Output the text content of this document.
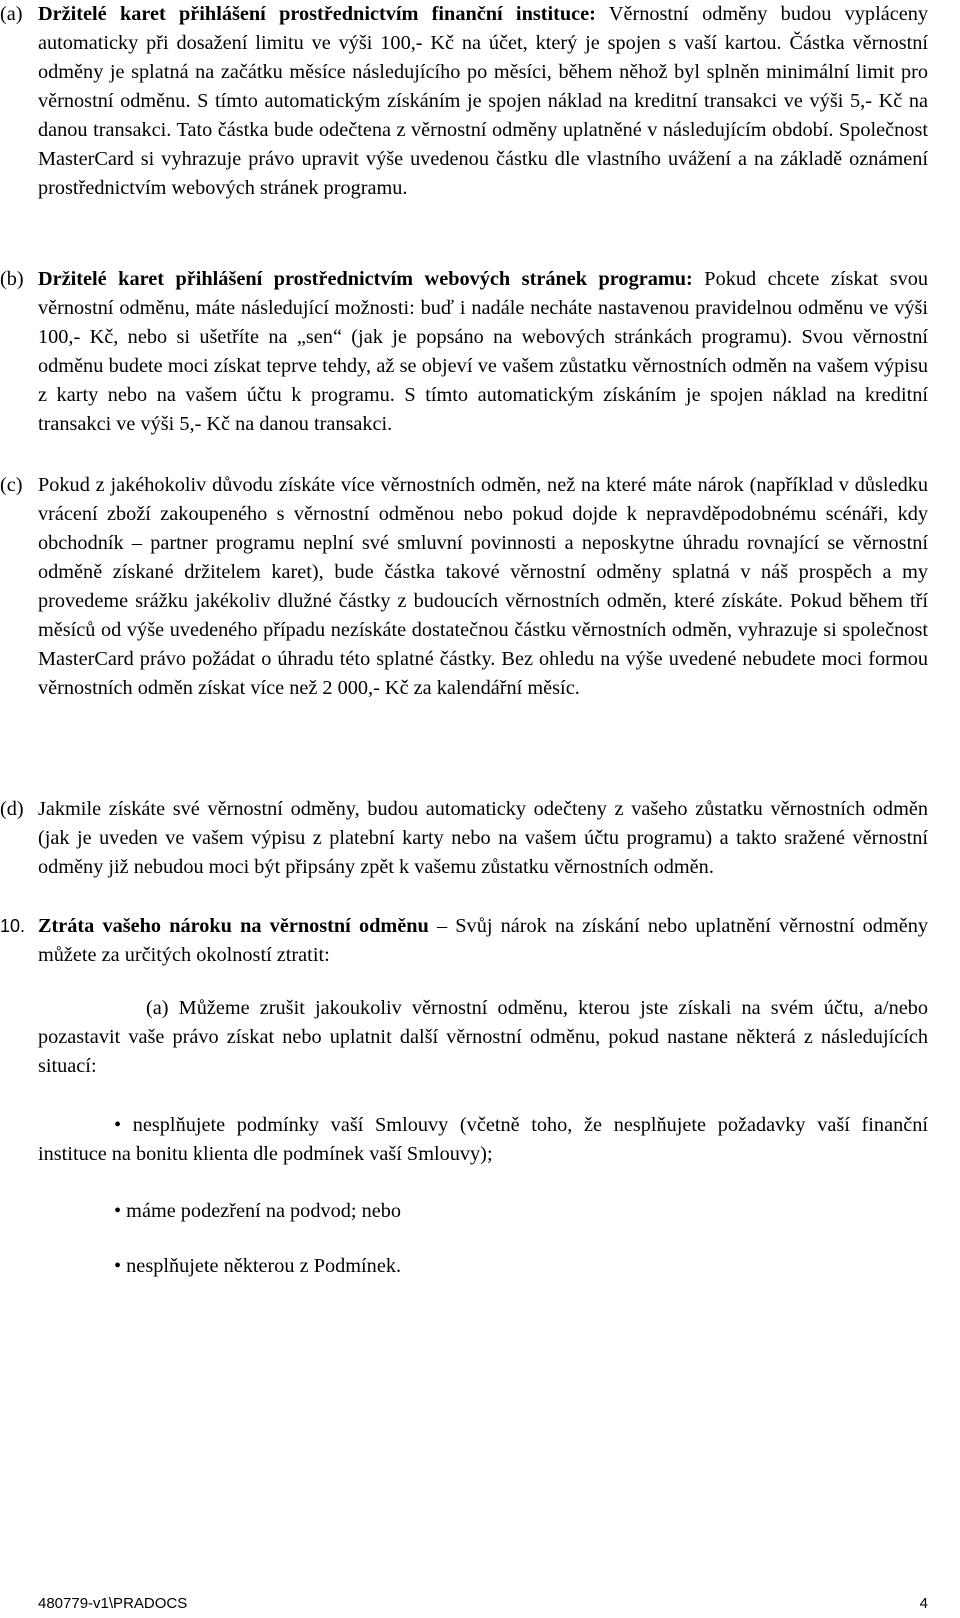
(a) Držitelé karet přihlášení prostřednictvím finanční instituce: Věrnostní odměny budou vypláceny automaticky při dosažení limitu ve výši 100,- Kč na účet, který je spojen s vaší kartou. Částka věrnostní odměny je splatná na začátku měsíce následujícího po měsíci, během něhož byl splněn minimální limit pro věrnostní odměnu. S tímto automatickým získáním je spojen náklad na kreditní transakci ve výši 5,- Kč na danou transakci. Tato částka bude odečtena z věrnostní odměny uplatněné v následujícím období. Společnost MasterCard si vyhrazuje právo upravit výše uvedenou částku dle vlastního uvážení a na základě oznámení prostřednictvím webových stránek programu.
(b) Držitelé karet přihlášení prostřednictvím webových stránek programu: Pokud chcete získat svou věrnostní odměnu, máte následující možnosti: buď i nadále necháte nastavenou pravidelnou odměnu ve výši 100,- Kč, nebo si ušetříte na „sen“ (jak je popsáno na webových stránkách programu). Svou věrnostní odměnu budete moci získat teprve tehdy, až se objeví ve vašem zůstatku věrnostních odměn na vašem výpisu z karty nebo na vašem účtu k programu. S tímto automatickým získáním je spojen náklad na kreditní transakci ve výši 5,- Kč na danou transakci.
(c) Pokud z jakéhokoliv důvodu získáte více věrnostních odměn, než na které máte nárok (například v důsledku vrácení zboží zakoupeného s věrnostní odměnou nebo pokud dojde k nepravděpodobnému scénáři, kdy obchodník – partner programu neplní své smluvní povinnosti a neposkytne úhradu rovnající se věrnostní odměně získané držitelem karet), bude částka takové věrnostní odměny splatná v náš prospěch a my provedeme srážku jakékoliv dlužné částky z budoucích věrnostních odměn, které získáte. Pokud během tří měsíců od výše uvedeného případu nezískáte dostatečnou částku věrnostních odměn, vyhrazuje si společnost MasterCard právo požádat o úhradu této splatné částky. Bez ohledu na výše uvedené nebudete moci formou věrnostních odměn získat více než 2 000,- Kč za kalendářní měsíc.
(d) Jakmile získáte své věrnostní odměny, budou automaticky odečteny z vašeho zůstatku věrnostních odměn (jak je uveden ve vašem výpisu z platební karty nebo na vašem účtu programu) a takto sražené věrnostní odměny již nebudou moci být připsány zpět k vašemu zůstatku věrnostních odměn.
10. Ztráta vašeho nároku na věrnostní odměnu – Svůj nárok na získání nebo uplatnění věrnostní odměny můžete za určitých okolností ztratit:
(a) Můžeme zrušit jakoukoliv věrnostní odměnu, kterou jste získali na svém účtu, a/nebo pozastavit vaše právo získat nebo uplatnit další věrnostní odměnu, pokud nastane některá z následujících situací:
• nesplňujete podmínky vaší Smlouvy (včetně toho, že nesplňujete požadavky vaší finanční instituce na bonitu klienta dle podmínek vaší Smlouvy);
• máme podezření na podvod; nebo
• nesplňujete některou z Podmínek.
480779-v1\PRADOCS	4
